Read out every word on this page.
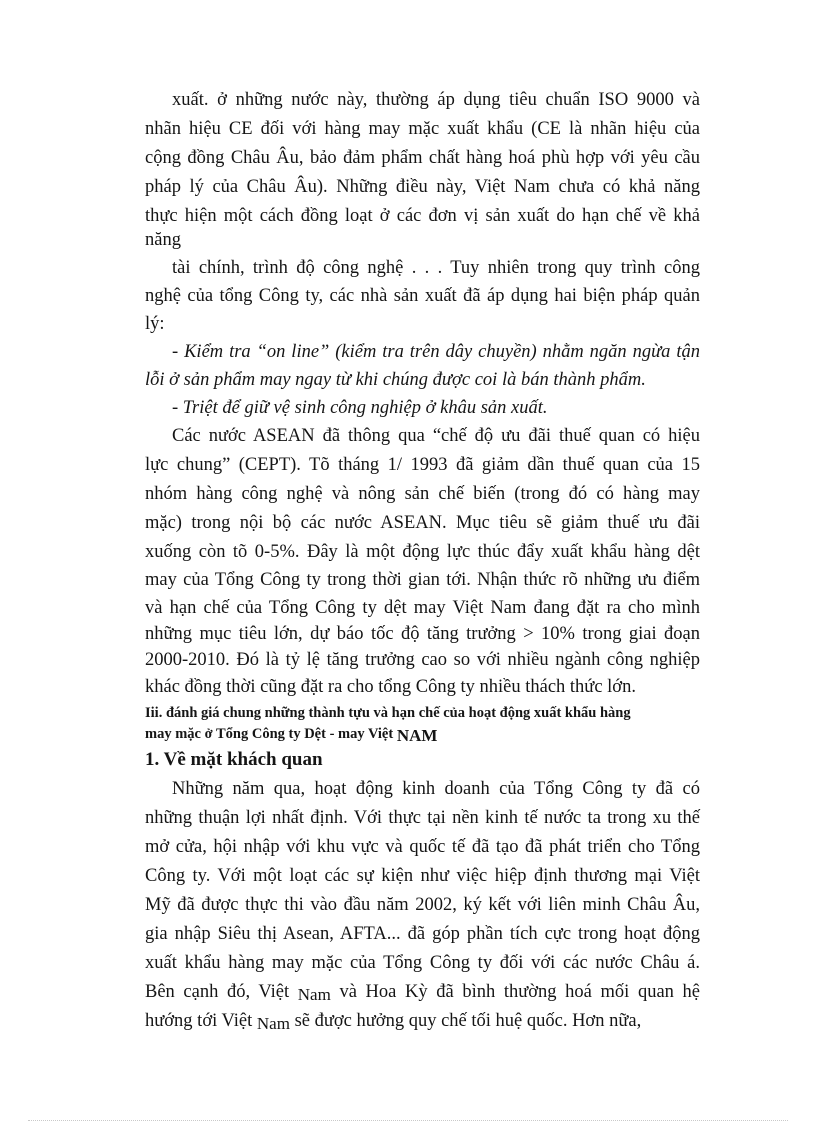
xuất. ở những nước này, thường áp dụng tiêu chuẩn ISO 9000 và

nhãn hiệu CE đối với hàng may mặc xuất khẩu (CE là nhãn hiệu của

cộng đồng Châu Âu, bảo đảm phẩm chất hàng hoá phù hợp với yêu cầu

pháp lý của Châu Âu). Những điều này, Việt Nam chưa có khả năng

thực hiện một cách đồng loạt ở các đơn vị sản xuất do hạn chế về khả

năng

tài chính, trình độ công nghệ . . . Tuy nhiên trong quy trình công

nghệ của tổng Công ty, các nhà sản xuất đã áp dụng hai biện pháp quản

lý:

- Kiểm tra “on line” (kiểm tra trên dây chuyền) nhằm ngăn ngừa tận

lỗi ở sản phẩm may ngay từ khi chúng được coi là bán thành phẩm.

- Triệt để giữ vệ sinh công nghiệp ở khâu sản xuất.

Các nước ASEAN đã thông qua “chế độ ưu đãi thuế quan có hiệu

lực chung” (CEPT). Tõ tháng 1/ 1993 đã giảm dần thuế quan của 15

nhóm hàng công nghệ và nông sản chế biến (trong đó có hàng may

mặc) trong nội bộ các nước ASEAN. Mục tiêu sẽ giảm thuế ưu đãi

xuống còn tõ 0-5%. Đây là một động lực thúc đẩy xuất khẩu hàng dệt

may của Tổng Công ty trong thời gian tới. Nhận thức rõ những ưu điểm

và hạn chế của Tổng Công ty dệt may Việt Nam đang đặt ra cho mình

những mục tiêu lớn, dự báo tốc độ tăng trưởng > 10% trong giai đoạn

2000-2010. Đó là tỷ lệ tăng trưởng cao so với nhiều ngành công nghiệp

khác đồng thời cũng đặt ra cho tổng Công ty nhiều thách thức lớn.

Iii. đánh giá chung những thành tựu và hạn chế của hoạt động xuất khẩu hàng

may mặc ở Tổng Công ty Dệt - may Việt NAM

1. Về mặt khách quan

Những năm qua, hoạt động kinh doanh của Tổng Công ty đã có

những thuận lợi nhất định. Với thực tại nền kinh tế nước ta trong xu thế

mở cửa, hội nhập với khu vực và quốc tế đã tạo đã phát triển cho Tổng

Công ty. Với một loạt các sự kiện như việc hiệp định thương mại Việt

Mỹ đã được thực thi vào đầu năm 2002, ký kết với liên minh Châu Âu,

gia nhập Siêu thị Asean, AFTA... đã góp phần tích cực trong hoạt động

xuất khẩu hàng may mặc của Tổng Công ty đối với các nước Châu á.

Bên cạnh đó, Việt Nam và Hoa Kỳ đã bình thường hoá mối quan hệ

hướng tới Việt Nam sẽ được hưởng quy chế tối huệ quốc. Hơn nữa,
